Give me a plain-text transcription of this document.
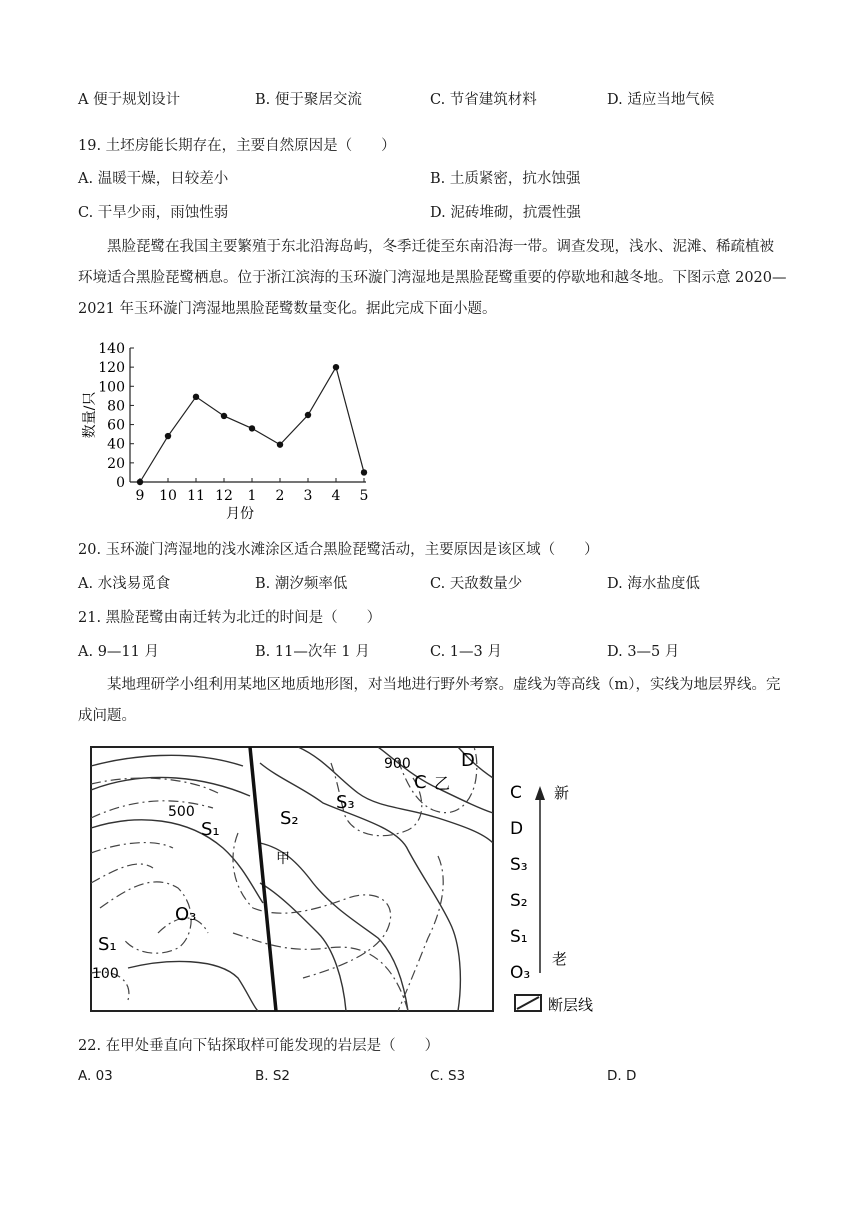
A 便于规划设计	B. 便于聚居交流	C. 节省建筑材料	D. 适应当地气候
19. 土坯房能长期存在，主要自然原因是（　　）
A. 温暖干燥，日较差小	B. 土质紧密，抗水蚀强
C. 干旱少雨，雨蚀性弱	D. 泥砖堆砌，抗震性强
黑脸琵鹭在我国主要繁殖于东北沿海岛屿，冬季迁徙至东南沿海一带。调查发现，浅水、泥滩、稀疏植被环境适合黑脸琵鹭栖息。位于浙江滨海的玉环漩门湾湿地是黑脸琵鹭重要的停歇地和越冬地。下图示意 2020—2021 年玉环漩门湾湿地黑脸琵鹭数量变化。据此完成下面小题。
0
20
40
60
80
100
120
140
9 10 11 12 1 2 3 4 5
月份
数量/只
20. 玉环漩门湾湿地的浅水滩涂区适合黑脸琵鹭活动，主要原因是该区域（　　）
A. 水浅易觅食	B. 潮汐频率低	C. 天敌数量少	D. 海水盐度低
21. 黑脸琵鹭由南迁转为北迁的时间是（　　）
A. 9—11 月	B. 11—次年 1 月	C. 1—3 月	D. 3—5 月
某地理研学小组利用某地区地质地形图，对当地进行野外考察。虚线为等高线（m），实线为地层界线。完成问题。
500
900
100
S₁
S₁
S₂
S₃
O₃
C 乙
D
甲
C
D
S₃
S₂
S₁
O₃
新
老
断层线
22. 在甲处垂直向下钻探取样可能发现的岩层是（　　）
A. 03	B. S2	C. S3	D. D
